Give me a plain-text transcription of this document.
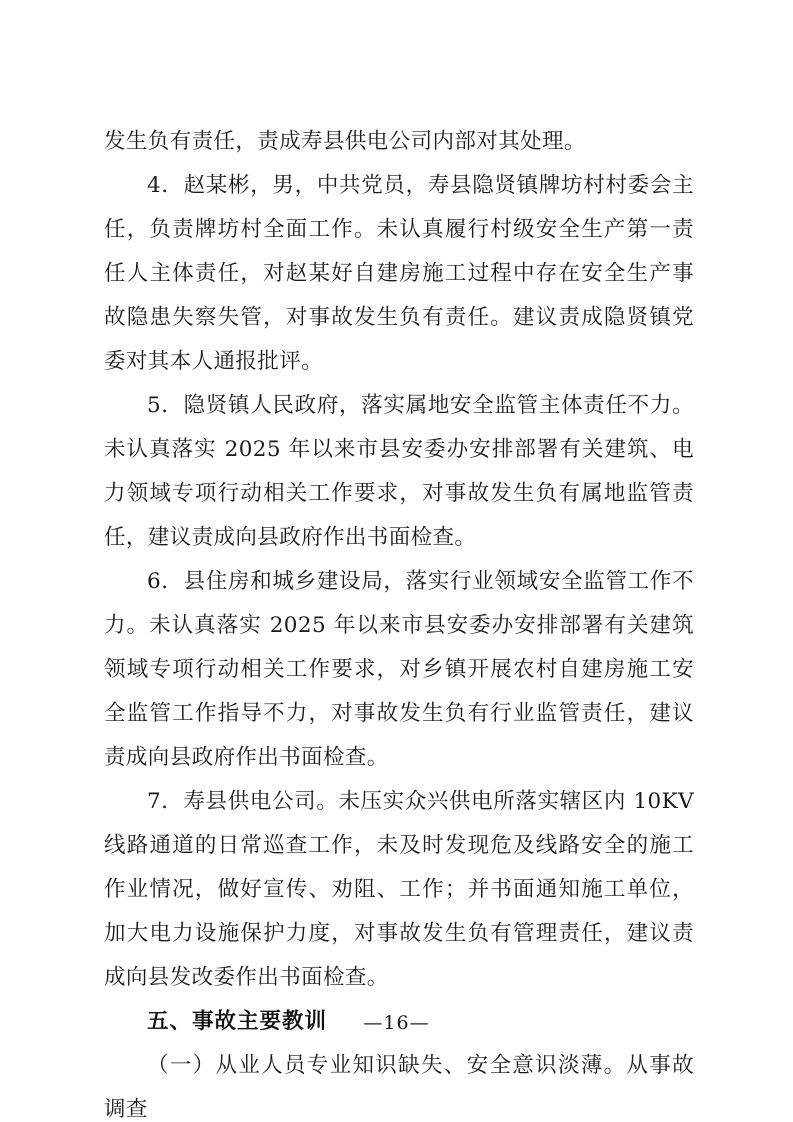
发生负有责任，责成寿县供电公司内部对其处理。

4．赵某彬，男，中共党员，寿县隐贤镇牌坊村村委会主任，负责牌坊村全面工作。未认真履行村级安全生产第一责任人主体责任，对赵某好自建房施工过程中存在安全生产事故隐患失察失管，对事故发生负有责任。建议责成隐贤镇党委对其本人通报批评。

5．隐贤镇人民政府，落实属地安全监管主体责任不力。未认真落实 2025 年以来市县安委办安排部署有关建筑、电力领域专项行动相关工作要求，对事故发生负有属地监管责任，建议责成向县政府作出书面检查。

6．县住房和城乡建设局，落实行业领域安全监管工作不力。未认真落实 2025 年以来市县安委办安排部署有关建筑领域专项行动相关工作要求，对乡镇开展农村自建房施工安全监管工作指导不力，对事故发生负有行业监管责任，建议责成向县政府作出书面检查。

7．寿县供电公司。未压实众兴供电所落实辖区内 10KV 线路通道的日常巡查工作，未及时发现危及线路安全的施工作业情况，做好宣传、劝阻、工作；并书面通知施工单位，加大电力设施保护力度，对事故发生负有管理责任，建议责成向县发改委作出书面检查。

五、事故主要教训

（一）从业人员专业知识缺失、安全意识淡薄。从事故调查

—16—
